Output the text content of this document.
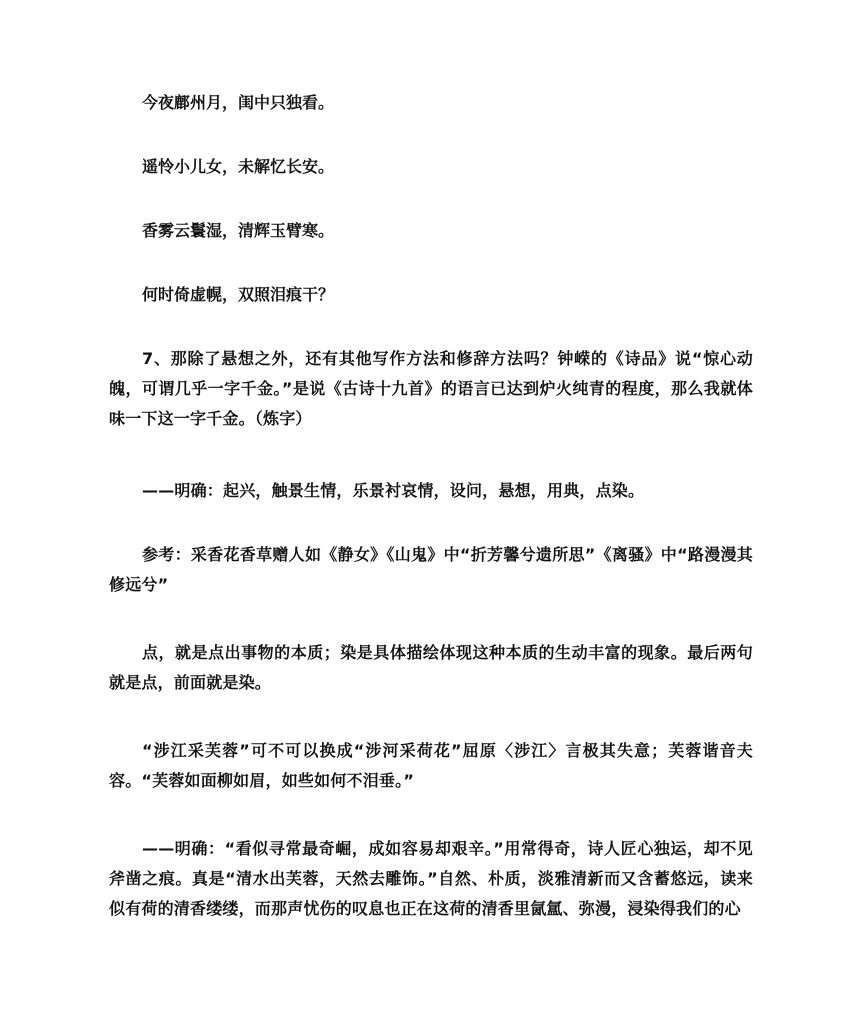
今夜鄜州月，闺中只独看。

遥怜小儿女，未解忆长安。

香雾云鬟湿，清辉玉臂寒。

何时倚虚幌，双照泪痕干？

7、那除了悬想之外，还有其他写作方法和修辞方法吗？钟嵘的《诗品》说“惊心动魄，可谓几乎一字千金。”是说《古诗十九首》的语言已达到炉火纯青的程度，那么我就体味一下这一字千金。（炼字）

——明确：起兴，触景生情，乐景衬哀情，设问，悬想，用典，点染。

参考：采香花香草赠人如《静女》《山鬼》中“折芳馨兮遗所思”《离骚》中“路漫漫其修远兮”

点，就是点出事物的本质；染是具体描绘体现这种本质的生动丰富的现象。最后两句就是点，前面就是染。

“涉江采芙蓉”可不可以换成“涉河采荷花”屈原〈涉江〉言极其失意；芙蓉谐音夫容。“芙蓉如面柳如眉，如些如何不泪垂。”

——明确：“看似寻常最奇崛，成如容易却艰辛。”用常得奇，诗人匠心独运，却不见斧凿之痕。真是“清水出芙蓉，天然去雕饰。”自然、朴质，淡雅清新而又含蓄悠远，读来似有荷的清香缕缕，而那声忧伤的叹息也正在这荷的清香里氤氲、弥漫，浸染得我们的心
